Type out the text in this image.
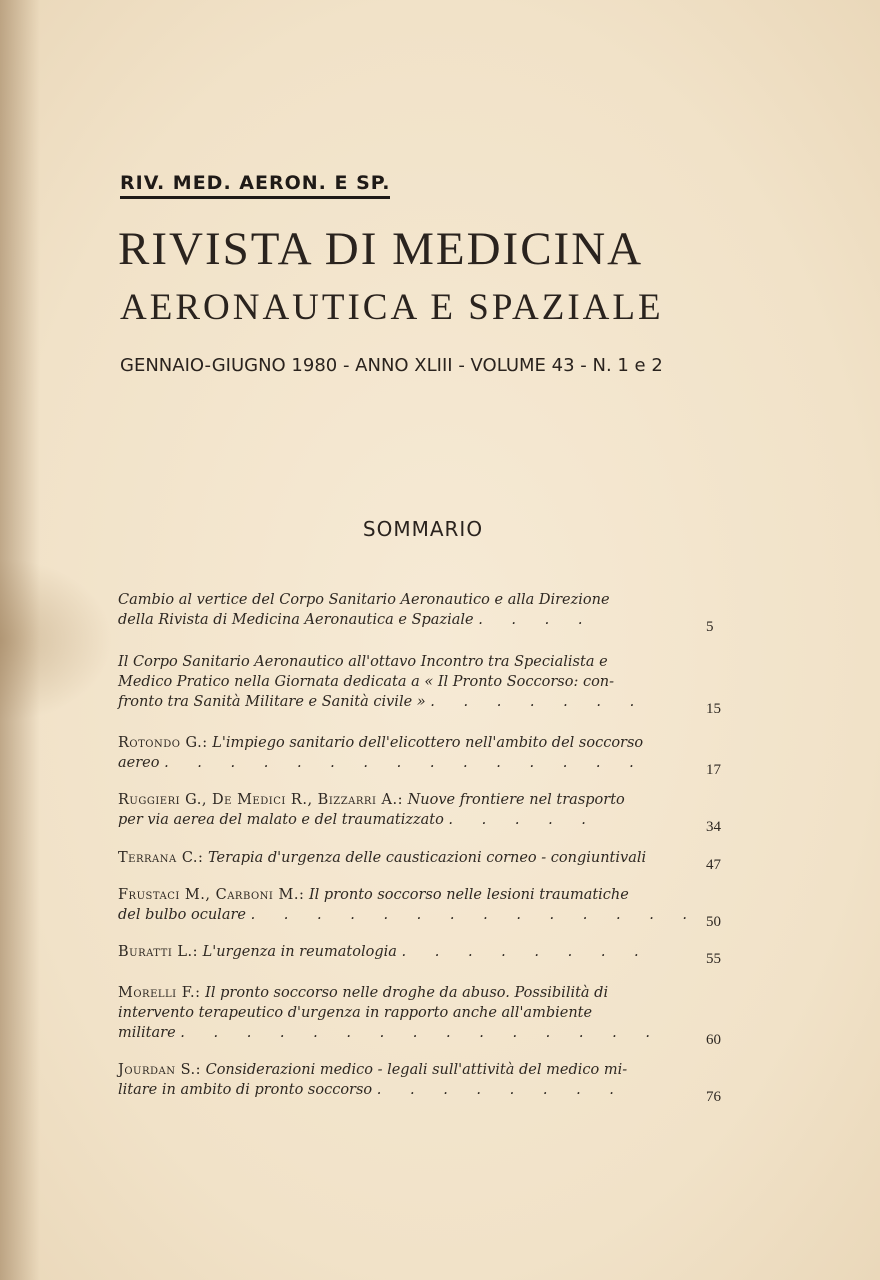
RIV. MED. AERON. E SP.
RIVISTA DI MEDICINA
AERONAUTICA E SPAZIALE
GENNAIO-GIUGNO 1980 - ANNO XLIII - VOLUME 43 - N. 1 e 2
SOMMARIO
Cambio al vertice del Corpo Sanitario Aeronautico e alla Direzione
della Rivista di Medicina Aeronautica e Spaziale . . . .	5
Il Corpo Sanitario Aeronautico all'ottavo Incontro tra Specialista e
Medico Pratico nella Giornata dedicata a « Il Pronto Soccorso: con-
fronto tra Sanità Militare e Sanità civile » . . . . . . .	15
Rotondo G.: L'impiego sanitario dell'elicottero nell'ambito del soccorso
aereo . . . . . . . . . . . . . . .	17
Ruggieri G., De Medici R., Bizzarri A.: Nuove frontiere nel trasporto
per via aerea del malato e del traumatizzato . . . . .	34
Terrana C.: Terapia d'urgenza delle causticazioni corneo - congiuntivali	47
Frustaci M., Carboni M.: Il pronto soccorso nelle lesioni traumatiche
del bulbo oculare . . . . . . . . . . . . . . 50
Buratti L.: L'urgenza in reumatologia . . . . . . . .	55
Morelli F.: Il pronto soccorso nelle droghe da abuso. Possibilità di
intervento terapeutico d'urgenza in rapporto anche all'ambiente
militare . . . . . . . . . . . . . . .	60
Jourdan S.: Considerazioni medico - legali sull'attività del medico mi-
litare in ambito di pronto soccorso . . . . . . . .	76
